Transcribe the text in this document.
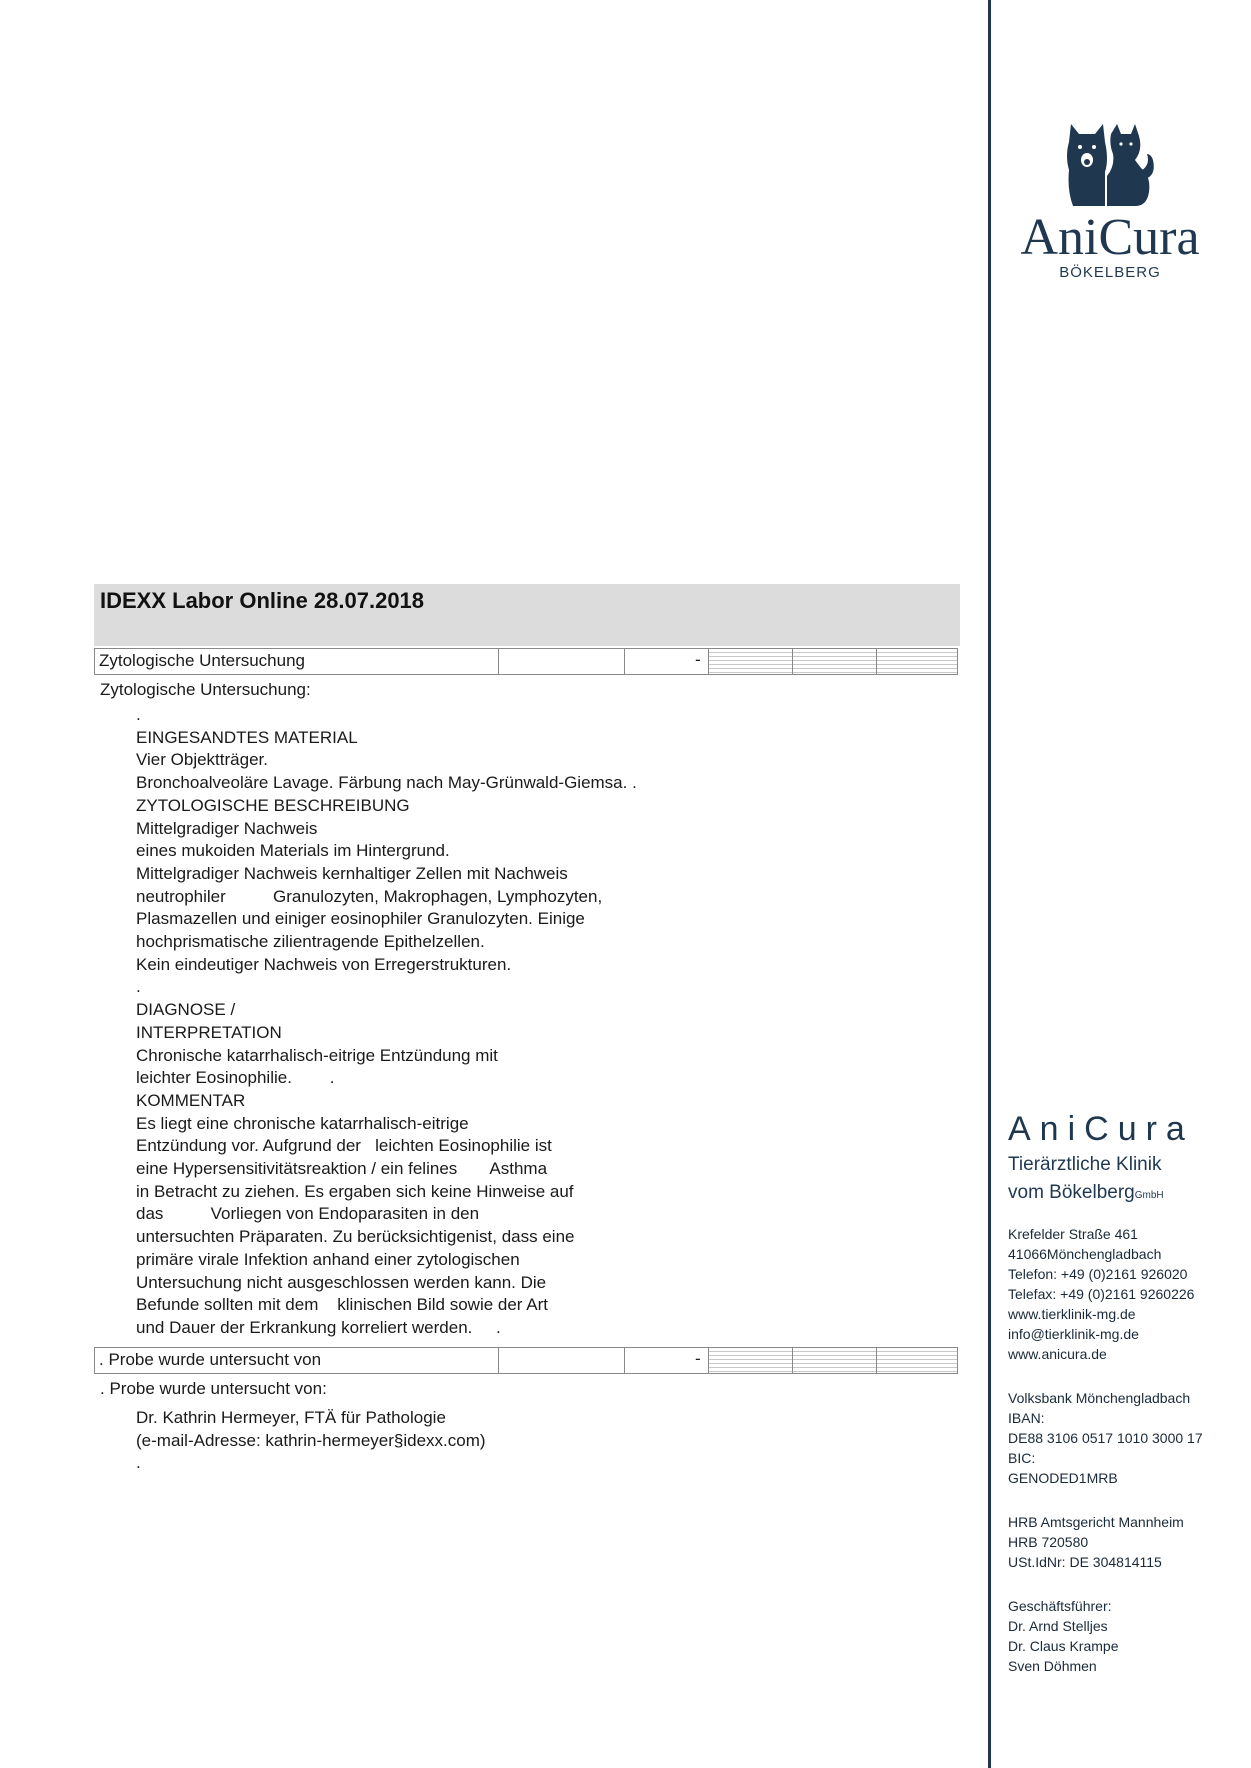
AniCura
BÖKELBERG
IDEXX Labor Online 28.07.2018
Zytologische Untersuchung	-
Zytologische Untersuchung:
.
EINGESANDTES MATERIAL
Vier Objektträger.
Bronchoalveoläre Lavage. Färbung nach May-Grünwald-Giemsa. .
ZYTOLOGISCHE BESCHREIBUNG
Mittelgradiger Nachweis
eines mukoiden Materials im Hintergrund.
Mittelgradiger Nachweis kernhaltiger Zellen mit Nachweis
neutrophiler          Granulozyten, Makrophagen, Lymphozyten,
Plasmazellen und einiger eosinophiler Granulozyten. Einige
hochprismatische zilientragende Epithelzellen.
Kein eindeutiger Nachweis von Erregerstrukturen.
.
DIAGNOSE /
INTERPRETATION
Chronische katarrhalisch-eitrige Entzündung mit
leichter Eosinophilie.        .
KOMMENTAR
Es liegt eine chronische katarrhalisch-eitrige
Entzündung vor. Aufgrund der   leichten Eosinophilie ist
eine Hypersensitivitätsreaktion / ein felines       Asthma
in Betracht zu ziehen. Es ergaben sich keine Hinweise auf
das          Vorliegen von Endoparasiten in den
untersuchten Präparaten. Zu berücksichtigenist, dass eine
primäre virale Infektion anhand einer zytologischen
Untersuchung nicht ausgeschlossen werden kann. Die
Befunde sollten mit dem    klinischen Bild sowie der Art
und Dauer der Erkrankung korreliert werden.     .
. Probe wurde untersucht von	-
. Probe wurde untersucht von:
Dr. Kathrin Hermeyer, FTÄ für Pathologie
(e-mail-Adresse: kathrin-hermeyer§idexx.com)
.
AniCura
Tierärztliche Klinik
vom BökelbergGmbH
Krefelder Straße 461
41066Mönchengladbach
Telefon: +49 (0)2161 926020
Telefax: +49 (0)2161 9260226
www.tierklinik-mg.de
info@tierklinik-mg.de
www.anicura.de
Volksbank Mönchengladbach
IBAN:
DE88 3106 0517 1010 3000 17
BIC:
GENODED1MRB
HRB Amtsgericht Mannheim
HRB 720580
USt.IdNr: DE 304814115
Geschäftsführer:
Dr. Arnd Stelljes
Dr. Claus Krampe
Sven Döhmen
